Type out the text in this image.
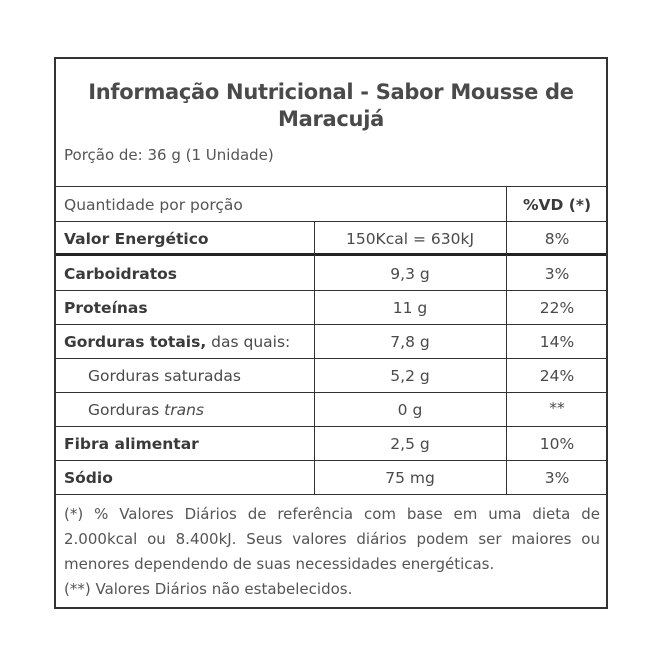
Informação Nutricional - Sabor Mousse de Maracujá
Porção de: 36 g (1 Unidade)
Quantidade por porção	%VD (*)
Valor Energético	150Kcal = 630kJ	8%
Carboidratos	9,3 g	3%
Proteínas	11 g	22%
Gorduras totais, das quais:	7,8 g	14%
Gorduras saturadas	5,2 g	24%
Gorduras trans	0 g	**
Fibra alimentar	2,5 g	10%
Sódio	75 mg	3%
(*) % Valores Diários de referência com base em uma dieta de 2.000kcal ou 8.400kJ. Seus valores diários podem ser maiores ou menores dependendo de suas necessidades energéticas.
(**) Valores Diários não estabelecidos.
